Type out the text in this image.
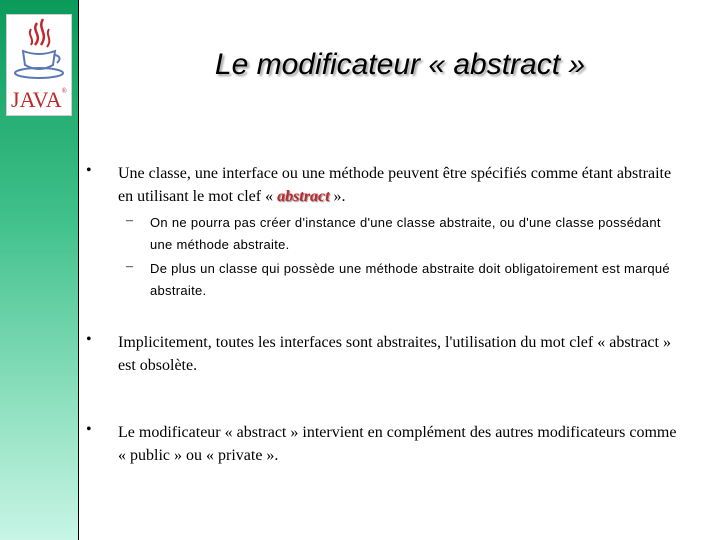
JAVA®
Le modificateur « abstract »
• Une classe, une interface ou une méthode peuvent être spécifiés comme étant abstraite en utilisant le mot clef « abstract ».
– On ne pourra pas créer d'instance d'une classe abstraite, ou d'une classe possédant une méthode abstraite.
– De plus un classe qui possède une méthode abstraite doit obligatoirement est marqué abstraite.
• Implicitement, toutes les interfaces sont abstraites, l'utilisation du mot clef « abstract » est obsolète.
• Le modificateur « abstract » intervient en complément des autres modificateurs comme « public » ou « private ».
